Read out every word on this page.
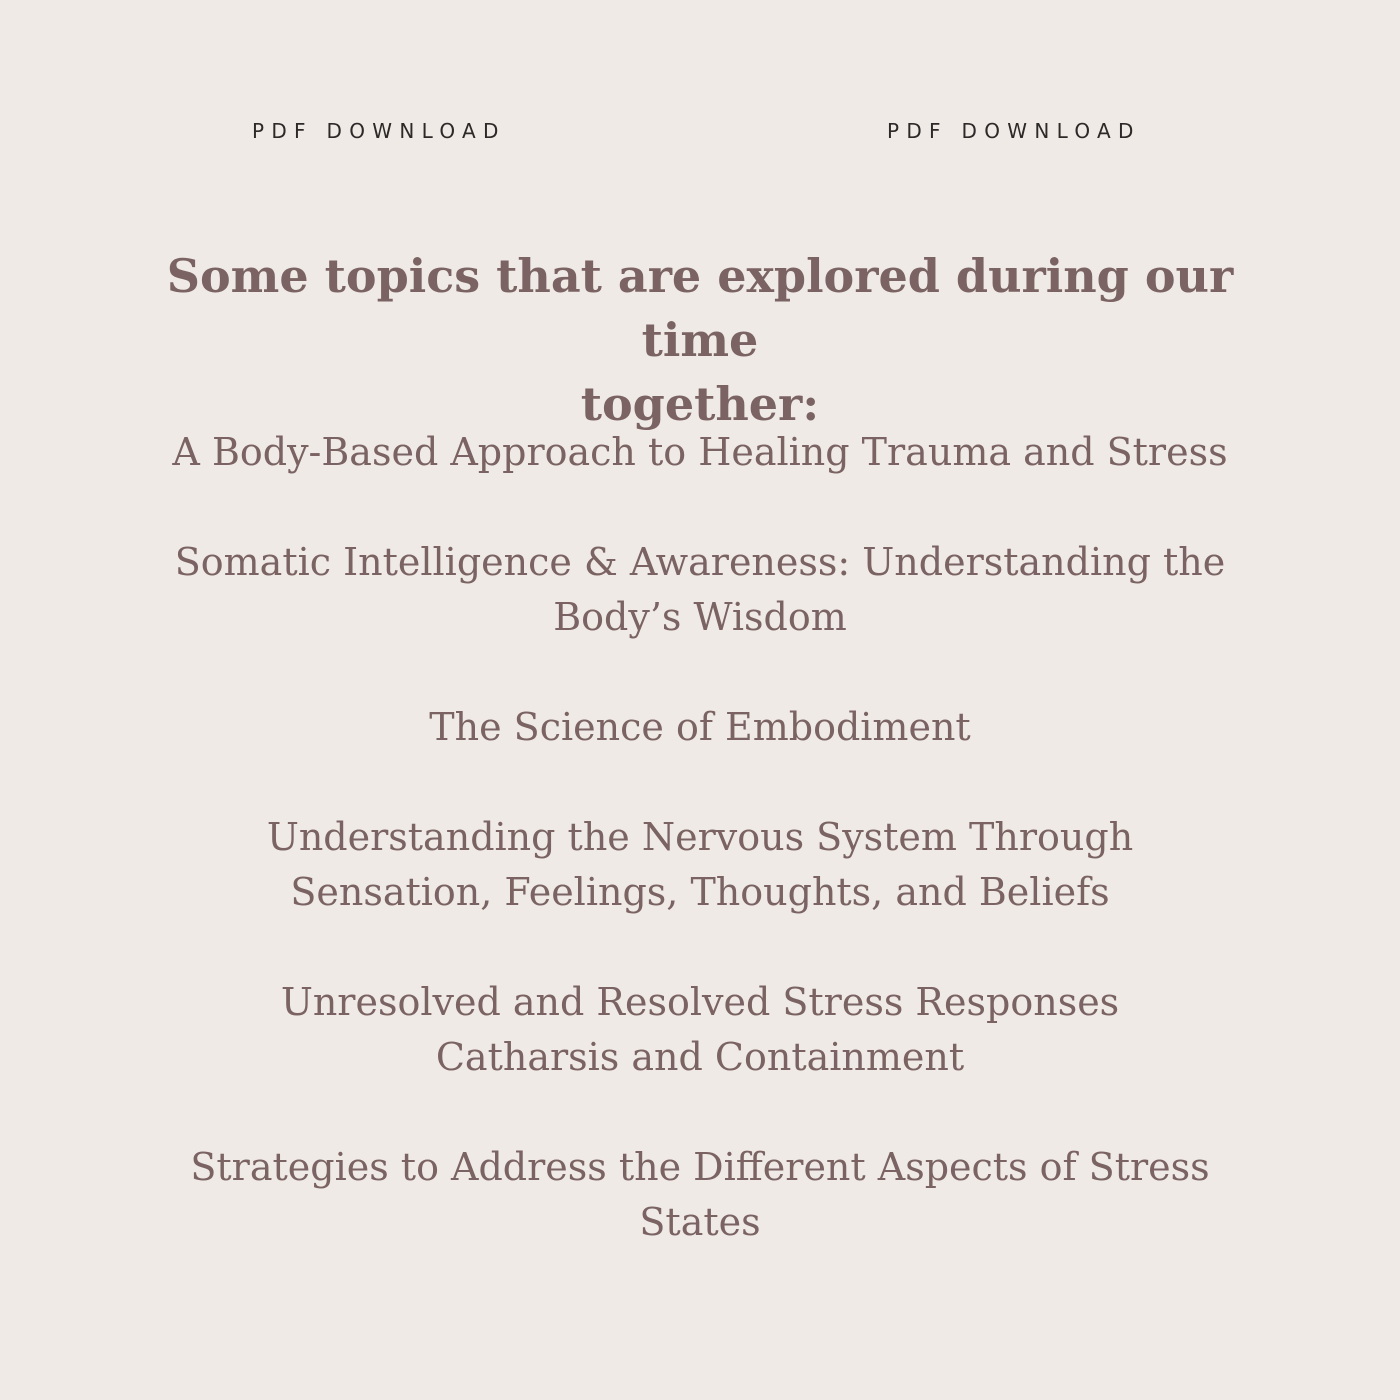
PDF DOWNLOAD	PDF DOWNLOAD
Some topics that are explored during our time
together:
A Body-Based Approach to Healing Trauma and Stress
Somatic Intelligence & Awareness: Understanding the
Body’s Wisdom
The Science of Embodiment
Understanding the Nervous System Through
Sensation, Feelings, Thoughts, and Beliefs
Unresolved and Resolved Stress Responses
Catharsis and Containment
Strategies to Address the Different Aspects of Stress
States
